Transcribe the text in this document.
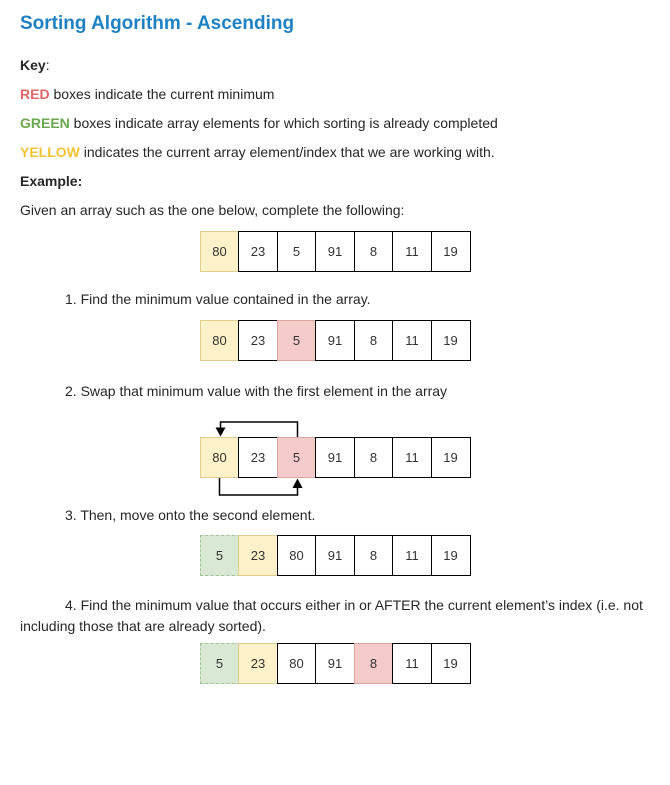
Sorting Algorithm - Ascending

Key:

RED boxes indicate the current minimum

GREEN boxes indicate array elements for which sorting is already completed

YELLOW indicates the current array element/index that we are working with.

Example:

Given an array such as the one below, complete the following:

80	23	5	91	8	11	19

1. Find the minimum value contained in the array.

80	23	5	91	8	11	19

2. Swap that minimum value with the first element in the array

80	23	5	91	8	11	19

3. Then, move onto the second element.

5	23	80	91	8	11	19

4. Find the minimum value that occurs either in or AFTER the current element’s index (i.e. not including those that are already sorted).

5	23	80	91	8	11	19
